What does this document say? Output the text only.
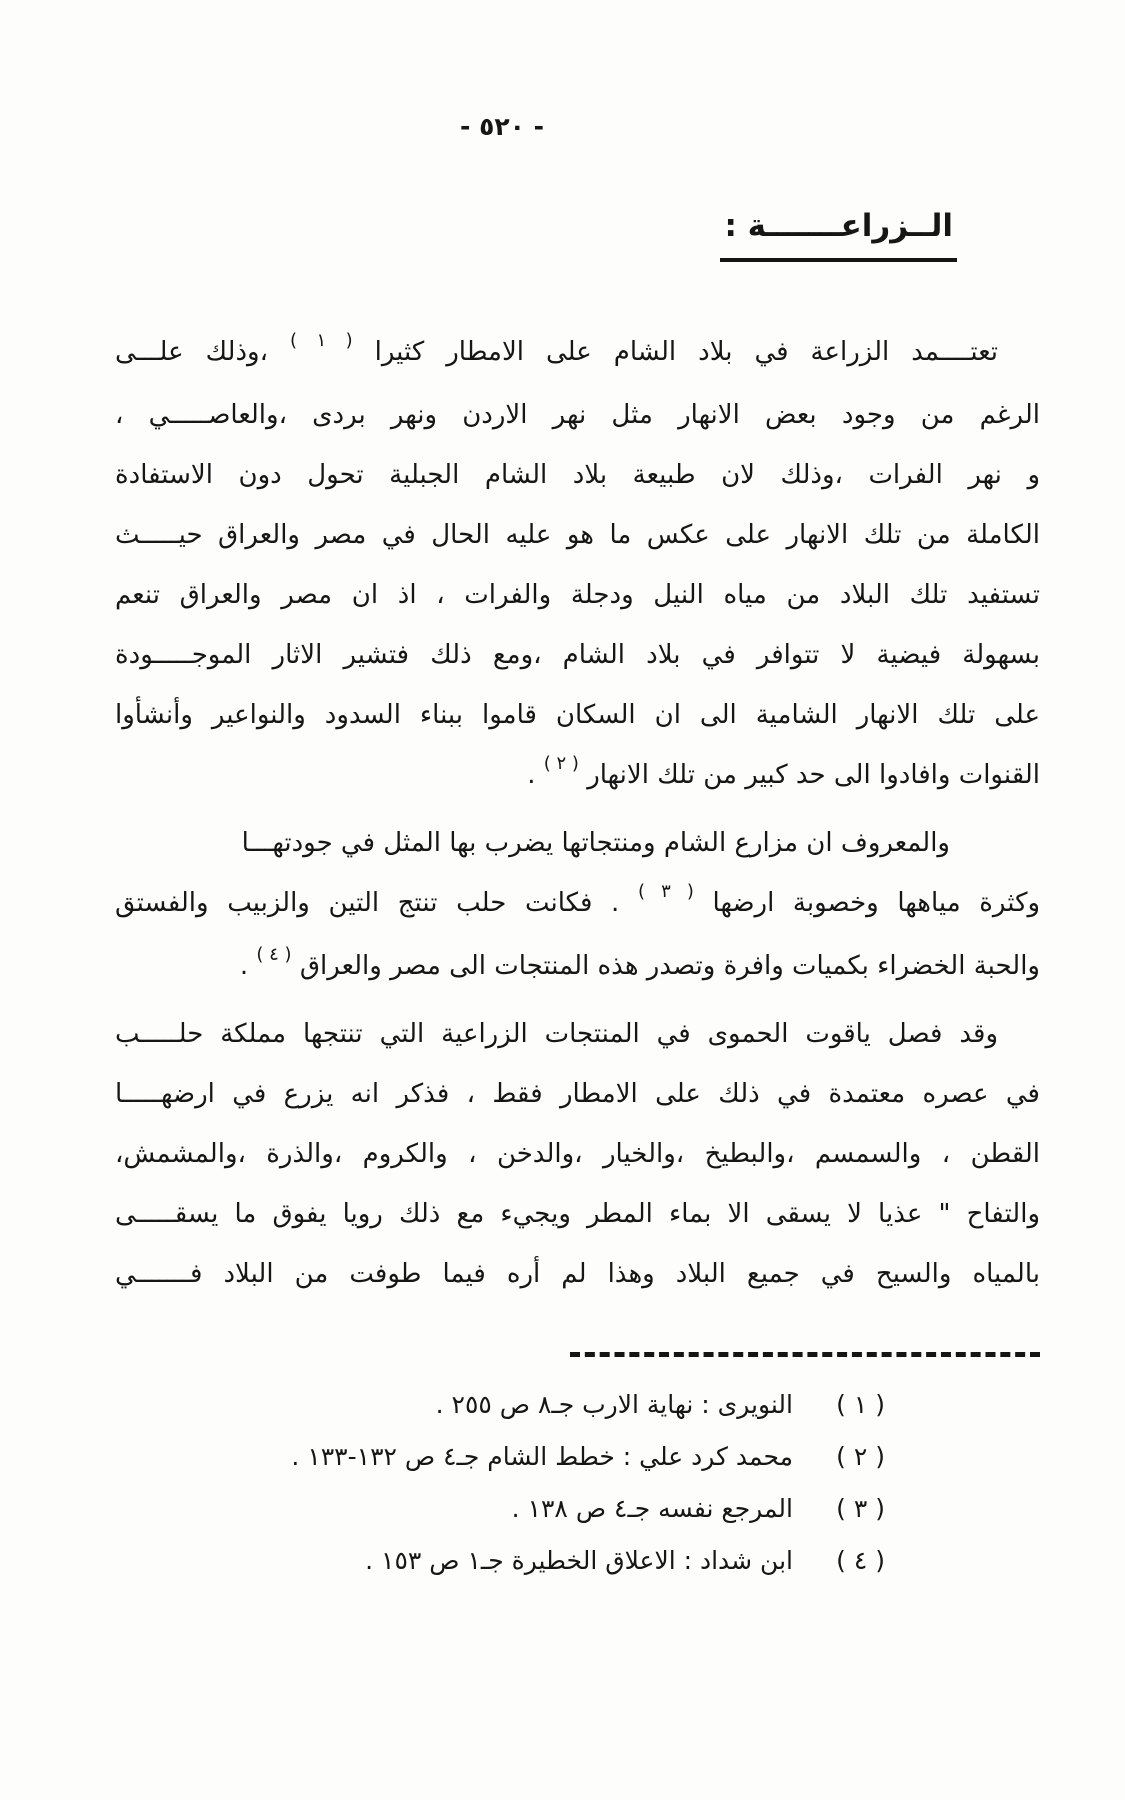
- ٥٢٠ -
الــزراعـــــــة :
تعتــــمد الزراعة في بلاد الشام على الامطار كثيرا $^{( ١ )}$ ،وذلك علـــى
الرغم من وجود بعض الانهار مثل نهر الاردن ونهر بردى ،والعاصـــــي ،
و نهر الفرات ،وذلك لان طبيعة بلاد الشام الجبلية تحول دون الاستفادة
الكاملة من تلك الانهار على عكس ما هو عليه الحال في مصر والعراق حيـــــث
تستفيد تلك البلاد من مياه النيل ودجلة والفرات ، اذ ان مصر والعراق تنعم
بسهولة فيضية لا تتوافر في بلاد الشام ،ومع ذلك فتشير الاثار الموجـــــودة
على تلك الانهار الشامية الى ان السكان قاموا ببناء السدود والنواعير وأنشأوا
القنوات وافادوا الى حد كبير من تلك الانهار $^{( ٢ )}$ .
والمعروف ان مزارع الشام ومنتجاتها يضرب بها المثل في جودتهـــا
وكثرة مياهها وخصوبة ارضها $^{( ٣ )}$ . فكانت حلب تنتج التين والزبيب والفستق
والحبة الخضراء بكميات وافرة وتصدر هذه المنتجات الى مصر والعراق $^{( ٤ )}$ .
وقد فصل ياقوت الحموى في المنتجات الزراعية التي تنتجها مملكة حلـــــب
في عصره معتمدة في ذلك على الامطار فقط ، فذكر انه يزرع في ارضهـــــا
القطن ، والسمسم ،والبطيخ ،والخيار ،والدخن ، والكروم ،والذرة ،والمشمش،
والتفاح " عذيا لا يسقى الا بماء المطر ويجيء مع ذلك رويا يفوق ما يسقـــــى
بالمياه والسيح في جميع البلاد وهذا لم أره فيما طوفت من البلاد فـــــــي
( ١ )
النويرى : نهاية الارب جـ٨ ص ٢٥٥ .
( ٢ )
محمد كرد علي : خطط الشام جـ٤ ص ١٣٢-١٣٣ .
( ٣ )
المرجع نفسه جـ٤ ص ١٣٨ .
( ٤ )
ابن شداد : الاعلاق الخطيرة جـ١ ص ١٥٣ .
